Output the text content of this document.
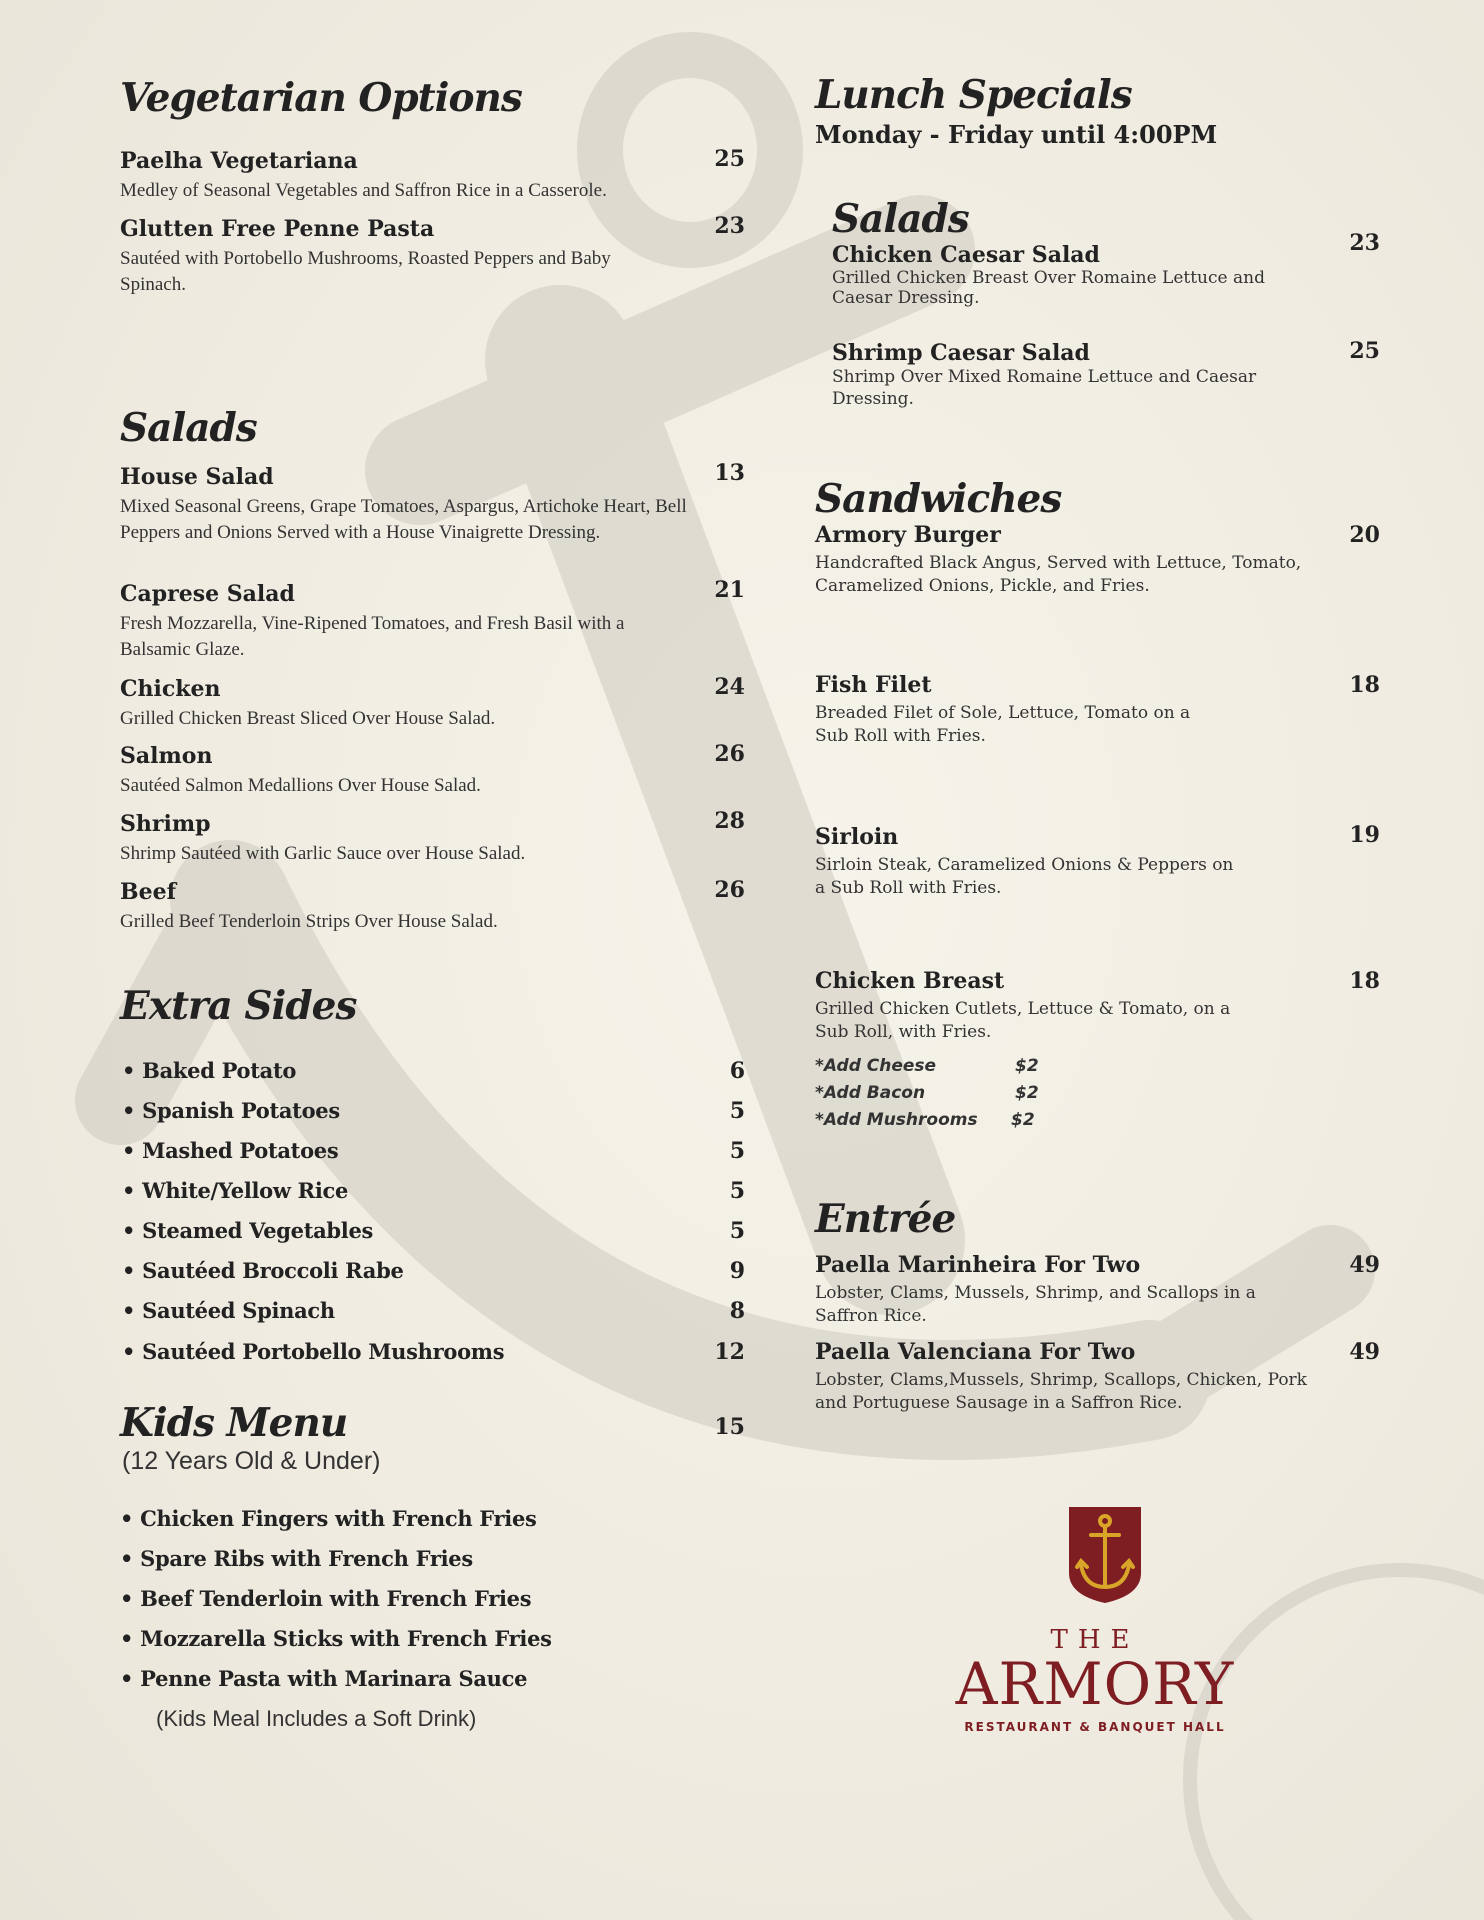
Vegetarian Options

Paelha Vegetariana

Medley of Seasonal Vegetables and Saffron Rice in a Casserole.

25

Glutten Free Penne Pasta

Sautéed with Portobello Mushrooms, Roasted Peppers and Baby Spinach.

23
Salads

House Salad

Mixed Seasonal Greens, Grape Tomatoes, Aspargus, Artichoke Heart, Bell Peppers and Onions Served with a House Vinaigrette Dressing.

13

Caprese Salad

Fresh Mozzarella, Vine-Ripened Tomatoes, and Fresh Basil with a Balsamic Glaze.

21

Chicken

Grilled Chicken Breast Sliced Over House Salad.

24

Salmon

Sautéed Salmon Medallions Over House Salad.

26

Shrimp

Shrimp Sautéed with Garlic Sauce over House Salad.

28

Beef

Grilled Beef Tenderloin Strips Over House Salad.

26
Extra Sides
• Baked Potato	6
• Spanish Potatoes	5
• Mashed Potatoes	5
• White/Yellow Rice	5
• Steamed Vegetables	5
• Sautéed Broccoli Rabe	9
• Sautéed Spinach	8
• Sautéed Portobello Mushrooms	12
Kids Menu	15

(12 Years Old & Under)

• Chicken Fingers with French Fries
• Spare Ribs with French Fries
• Beef Tenderloin with French Fries
• Mozzarella Sticks with French Fries
• Penne Pasta with Marinara Sauce
(Kids Meal Includes a Soft Drink)
Lunch Specials

Monday - Friday until 4:00PM

Salads

Chicken Caesar Salad

Grilled Chicken Breast Over Romaine Lettuce and Caesar Dressing.

23

Shrimp Caesar Salad

Shrimp Over Mixed Romaine Lettuce and Caesar Dressing.

25
Sandwiches

Armory Burger

Handcrafted Black Angus, Served with Lettuce, Tomato, Caramelized Onions, Pickle, and Fries.

20

Fish Filet

Breaded Filet of Sole, Lettuce, Tomato on a Sub Roll with Fries.

18

Sirloin

Sirloin Steak, Caramelized Onions & Peppers on a Sub Roll with Fries.

19

Chicken Breast

Grilled Chicken Cutlets, Lettuce & Tomato, on a Sub Roll, with Fries.

18
*Add Cheese	$2
*Add Bacon	$2
*Add Mushrooms $2
Entrée

Paella Marinheira For Two

Lobster, Clams, Mussels, Shrimp, and Scallops in a Saffron Rice.

49

Paella Valenciana For Two

Lobster, Clams,Mussels, Shrimp, Scallops, Chicken, Pork and Portuguese Sausage in a Saffron Rice.

49
THE
ARMORY
RESTAURANT & BANQUET HALL
